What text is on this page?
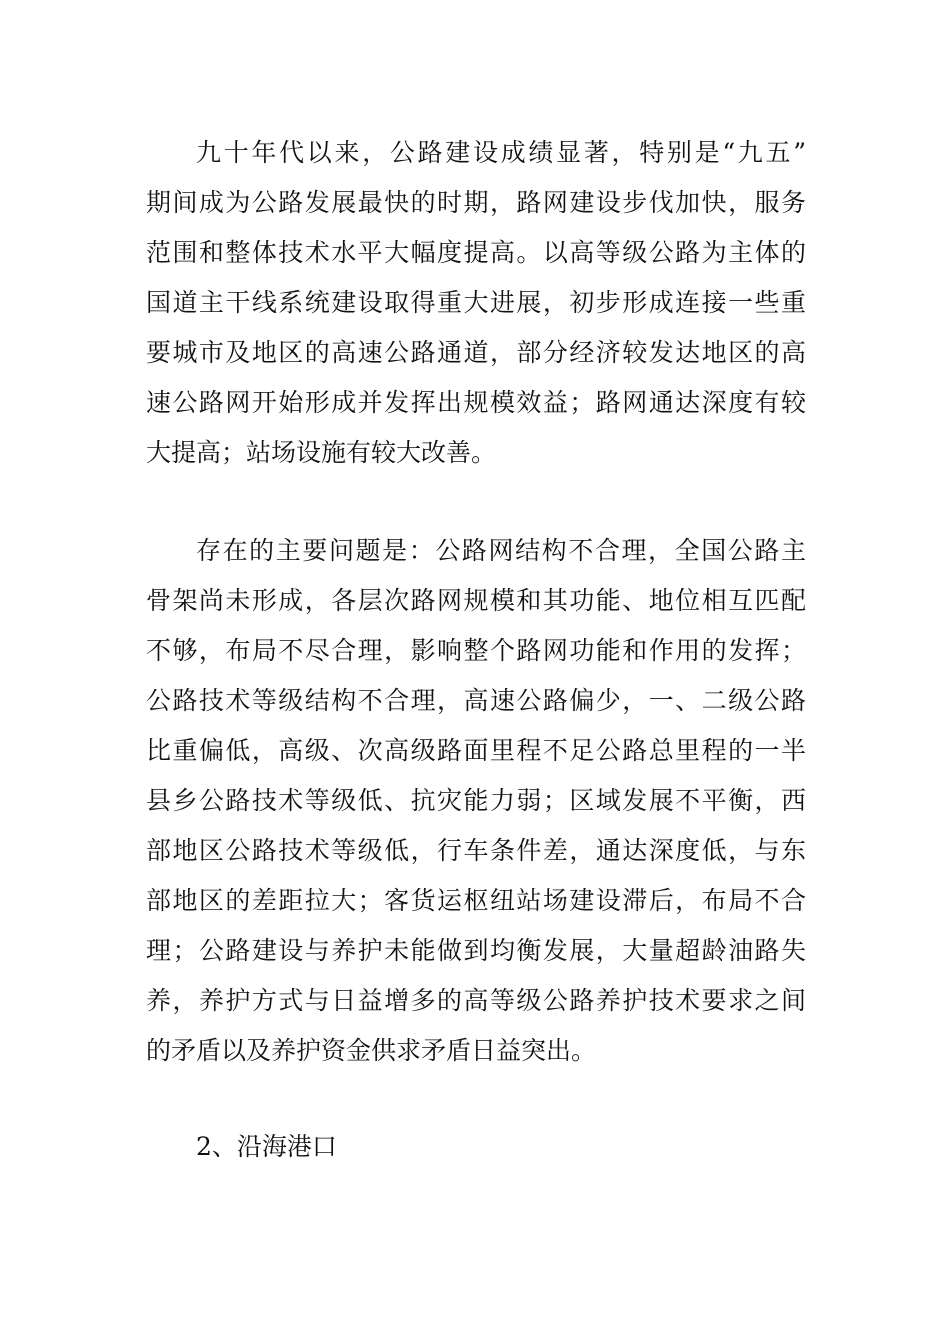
九十年代以来，公路建设成绩显著，特别是“九五”
期间成为公路发展最快的时期，路网建设步伐加快，服务
范围和整体技术水平大幅度提高。以高等级公路为主体的
国道主干线系统建设取得重大进展，初步形成连接一些重
要城市及地区的高速公路通道，部分经济较发达地区的高
速公路网开始形成并发挥出规模效益；路网通达深度有较
大提高；站场设施有较大改善。
存在的主要问题是：公路网结构不合理，全国公路主
骨架尚未形成，各层次路网规模和其功能、地位相互匹配
不够，布局不尽合理，影响整个路网功能和作用的发挥；
公路技术等级结构不合理，高速公路偏少，一、二级公路
比重偏低，高级、次高级路面里程不足公路总里程的一半
县乡公路技术等级低、抗灾能力弱；区域发展不平衡，西
部地区公路技术等级低，行车条件差，通达深度低，与东
部地区的差距拉大；客货运枢纽站场建设滞后，布局不合
理；公路建设与养护未能做到均衡发展，大量超龄油路失
养，养护方式与日益增多的高等级公路养护技术要求之间
的矛盾以及养护资金供求矛盾日益突出。
2、沿海港口
